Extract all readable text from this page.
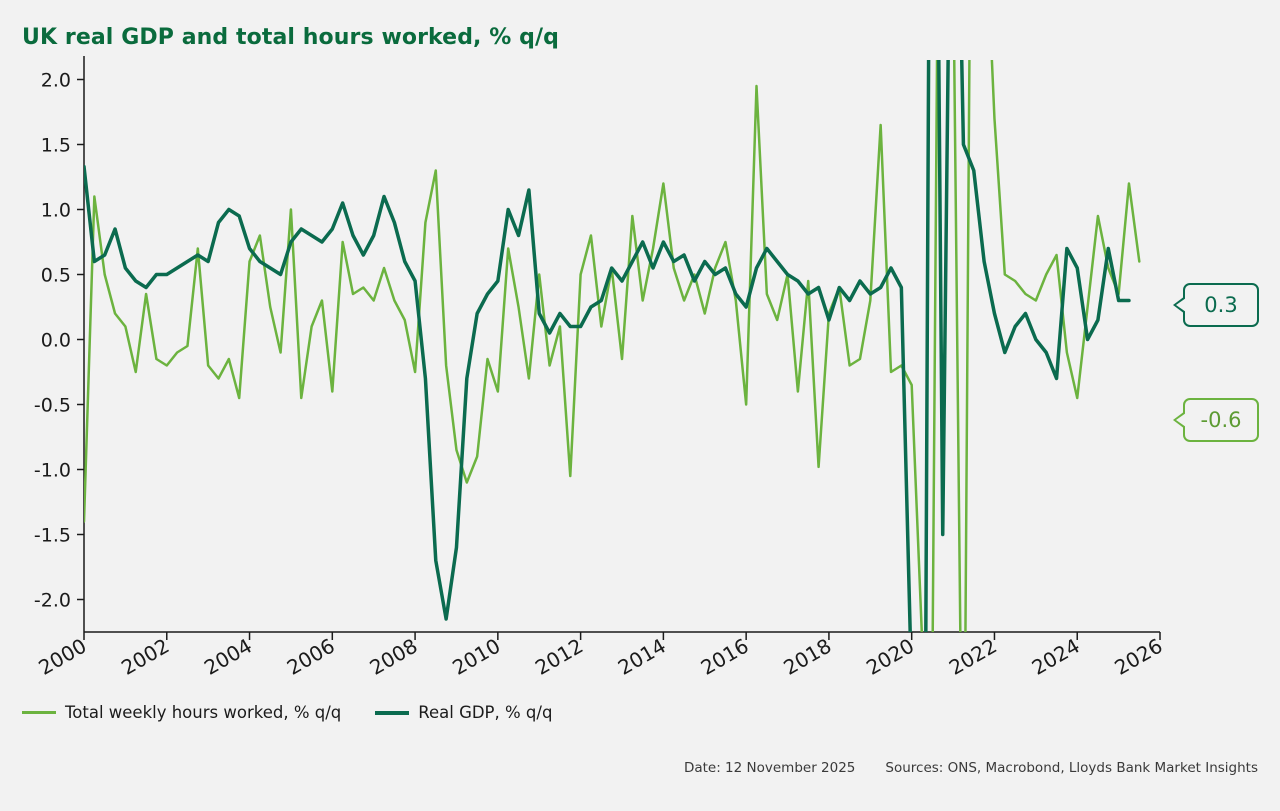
UK real GDP and total hours worked, % q/q
2.0
1.5
1.0
0.5
0.0
-0.5
-1.0
-1.5
-2.0
2000 2002 2004 2006 2008 2010 2012 2014 2016 2018 2020 2022 2024 2026
Total weekly hours worked, % q/q	Real GDP, % q/q
0.3
-0.6
Date: 12 November 2025 Sources: ONS, Macrobond, Lloyds Bank Market Insights
